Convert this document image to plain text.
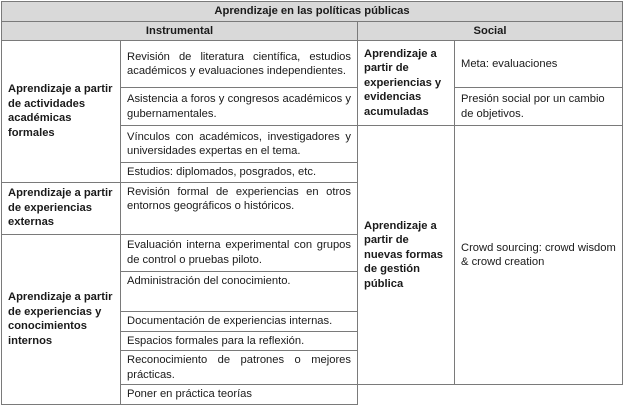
Aprendizaje en las políticas públicas			
Instrumental		Social	
Aprendizaje a partir de actividades académicas formales	Revisión de literatura científica, estudios académicos y evaluaciones independientes.	Aprendizaje a partir de experiencias y evidencias acumuladas	Meta: evaluaciones
	Asistencia a foros y congresos académicos y gubernamentales.		Presión social por un cambio de objetivos.
	Vínculos con académicos, investigadores y universidades expertas en el tema.	Aprendizaje a partir de nuevas formas de gestión pública	Crowd sourcing: crowd wisdom & crowd creation
	Estudios: diplomados, posgrados, etc.		
Aprendizaje a partir de experiencias externas	Revisión formal de experiencias en otros entornos geográficos o históricos.		
Aprendizaje a partir de experiencias y conocimientos internos	Evaluación interna experimental con grupos de control o pruebas piloto.		
	Administración del conocimiento.		
	Documentación de experiencias internas.		
	Espacios formales para la reflexión.		
	Reconocimiento de patrones o mejores prácticas.		
	Poner en práctica teorías		
